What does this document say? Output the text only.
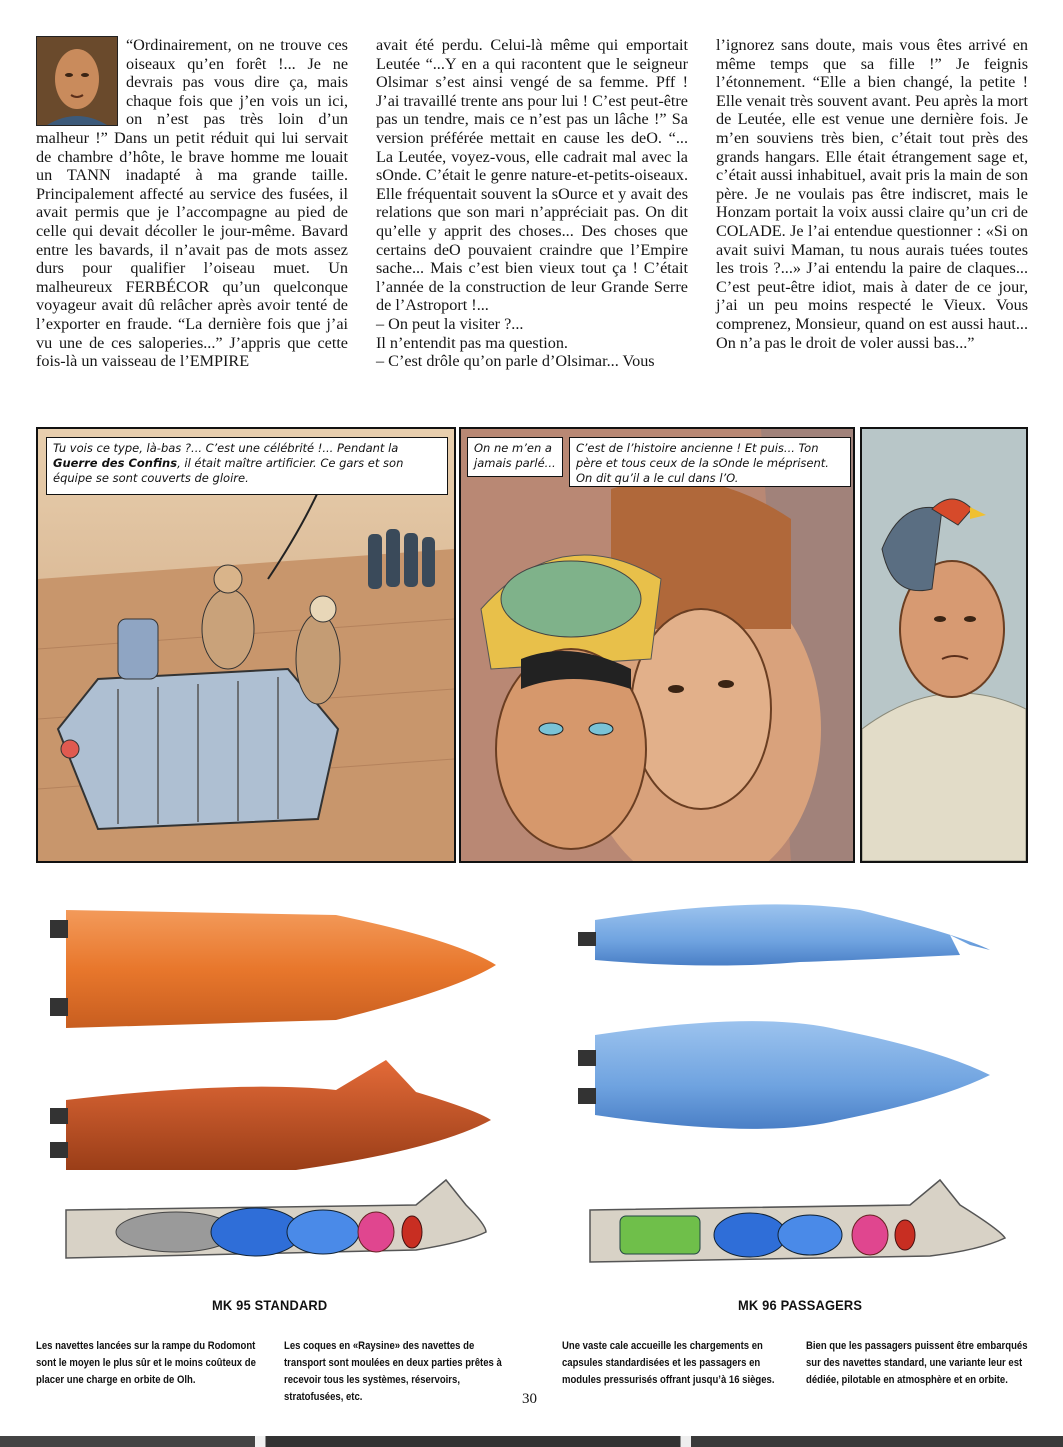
“Ordinairement, on ne trouve ces oiseaux qu’en forêt !... Je ne devrais pas vous dire ça, mais chaque fois que j’en vois un ici, on n’est pas très loin d’un malheur !” Dans un petit réduit qui lui servait de chambre d’hôte, le brave homme me louait un TANN inadapté à ma grande taille. Principalement affecté au service des fusées, il avait permis que je l’accompagne au pied de celle qui devait décoller le jour-même. Bavard entre les bavards, il n’avait pas de mots assez durs pour qualifier l’oiseau muet. Un malheureux FERBÉCOR qu’un quelconque voyageur avait dû relâcher après avoir tenté de l’exporter en fraude. “La dernière fois que j’ai vu une de ces saloperies...” J’appris que cette fois-là un vaisseau de l’EMPIRE

avait été perdu. Celui-là même qui emportait Leutée “...Y en a qui racontent que le seigneur Olsimar s’est ainsi vengé de sa femme. Pff ! J’ai travaillé trente ans pour lui ! C’est peut-être pas un tendre, mais ce n’est pas un lâche !” Sa version préférée mettait en cause les deO. “... La Leutée, voyez-vous, elle cadrait mal avec la sOnde. C’était le genre nature-et-petits-oiseaux. Elle fréquentait souvent la sOurce et y avait des relations que son mari n’appréciait pas. On dit qu’elle y apprit des choses... Des choses que certains deO pouvaient craindre que l’Empire sache... Mais c’est bien vieux tout ça ! C’était l’année de la construction de leur Grande Serre de l’Astroport !...

– On peut la visiter ?...

Il n’entendit pas ma question.

– C’est drôle qu’on parle d’Olsimar... Vous

l’ignorez sans doute, mais vous êtes arrivé en même temps que sa fille !” Je feignis l’étonnement. “Elle a bien changé, la petite ! Elle venait très souvent avant. Peu après la mort de Leutée, elle est venue une dernière fois. Je m’en souviens très bien, c’était tout près des grands hangars. Elle était étrangement sage et, c’était aussi inhabituel, avait pris la main de son père. Je ne voulais pas être indiscret, mais le Honzam portait la voix aussi claire qu’un cri de COLADE. Je l’ai entendue questionner : «Si on avait suivi Maman, tu nous aurais tuées toutes les trois ?...» J’ai entendu la paire de claques... C’est peut-être idiot, mais à dater de ce jour, j’ai un peu moins respecté le Vieux. Vous comprenez, Monsieur, quand on est aussi haut... On n’a pas le droit de voler aussi bas...”

Tu vois ce type, là-bas ?... C’est une célébrité !... Pendant la Guerre des Confins, il était maître artificier. Ce gars et son équipe se sont couverts de gloire.
On ne m’en a jamais parlé...
C’est de l’histoire ancienne ! Et puis... Ton père et tous ceux de la sOnde le méprisent. On dit qu’il a le cul dans l’O.
MK 95 STANDARD	MK 96 PASSAGERS
Les navettes lancées sur la rampe du Rodomont sont le moyen le plus sûr et le moins coûteux de placer une charge en orbite de Olh.
Les coques en «Raysine» des navettes de transport sont moulées en deux parties prêtes à recevoir tous les systèmes, réservoirs, stratofusées, etc.
Une vaste cale accueille les chargements en capsules standardisées et les passagers en modules pressurisés offrant jusqu’à 16 sièges.
Bien que les passagers puissent être embarqués sur des navettes standard, une variante leur est dédiée, pilotable en atmosphère et en orbite.
30
